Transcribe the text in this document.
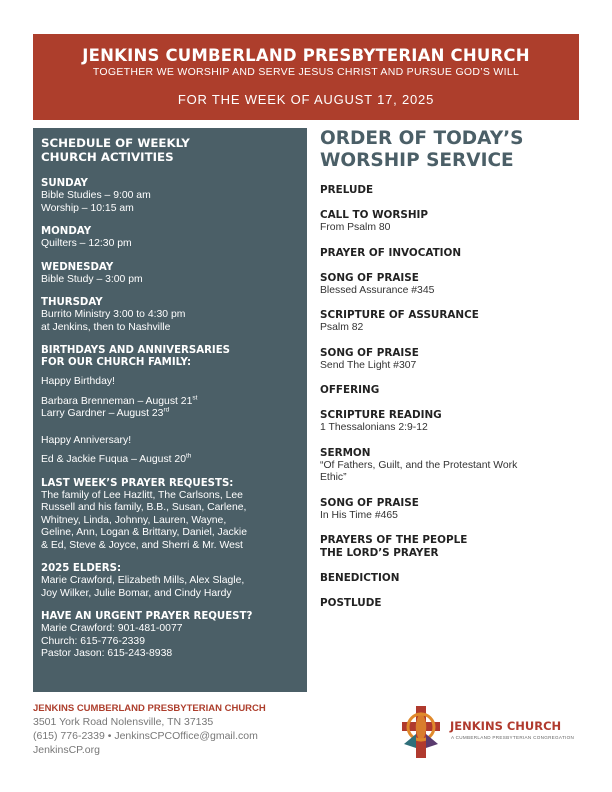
JENKINS CUMBERLAND PRESBYTERIAN CHURCH
TOGETHER WE WORSHIP AND SERVE JESUS CHRIST AND PURSUE GOD’S WILL
FOR THE WEEK OF AUGUST 17, 2025
SCHEDULE OF WEEKLY
CHURCH ACTIVITIES
SUNDAY
Bible Studies – 9:00 am
Worship – 10:15 am
MONDAY
Quilters – 12:30 pm
WEDNESDAY
Bible Study – 3:00 pm
THURSDAY
Burrito Ministry 3:00 to 4:30 pm
at Jenkins, then to Nashville
BIRTHDAYS AND ANNIVERSARIES
FOR OUR CHURCH FAMILY:
Happy Birthday!
Barbara Brenneman – August 21st
Larry Gardner – August 23rd
Happy Anniversary!
Ed & Jackie Fuqua – August 20th
LAST WEEK’S PRAYER REQUESTS:
The family of Lee Hazlitt, The Carlsons, Lee
Russell and his family, B.B., Susan, Carlene,
Whitney, Linda, Johnny, Lauren, Wayne,
Geline, Ann, Logan & Brittany, Daniel, Jackie
& Ed, Steve & Joyce, and Sherri & Mr. West
2025 ELDERS:
Marie Crawford, Elizabeth Mills, Alex Slagle,
Joy Wilker, Julie Bomar, and Cindy Hardy
HAVE AN URGENT PRAYER REQUEST?
Marie Crawford: 901-481-0077
Church: 615-776-2339
Pastor Jason: 615-243-8938
ORDER OF TODAY’S
WORSHIP SERVICE
PRELUDE
CALL TO WORSHIP
From Psalm 80
PRAYER OF INVOCATION
SONG OF PRAISE
Blessed Assurance #345
SCRIPTURE OF ASSURANCE
Psalm 82
SONG OF PRAISE
Send The Light #307
OFFERING
SCRIPTURE READING
1 Thessalonians 2:9-12
SERMON
“Of Fathers, Guilt, and the Protestant Work
Ethic”
SONG OF PRAISE
In His Time #465
PRAYERS OF THE PEOPLE
THE LORD’S PRAYER
BENEDICTION
POSTLUDE
JENKINS CUMBERLAND PRESBYTERIAN CHURCH
3501 York Road Nolensville, TN 37135
(615) 776-2339 • JenkinsCPCOffice@gmail.com
JenkinsCP.org
JENKINS CHURCH
A CUMBERLAND PRESBYTERIAN CONGREGATION
